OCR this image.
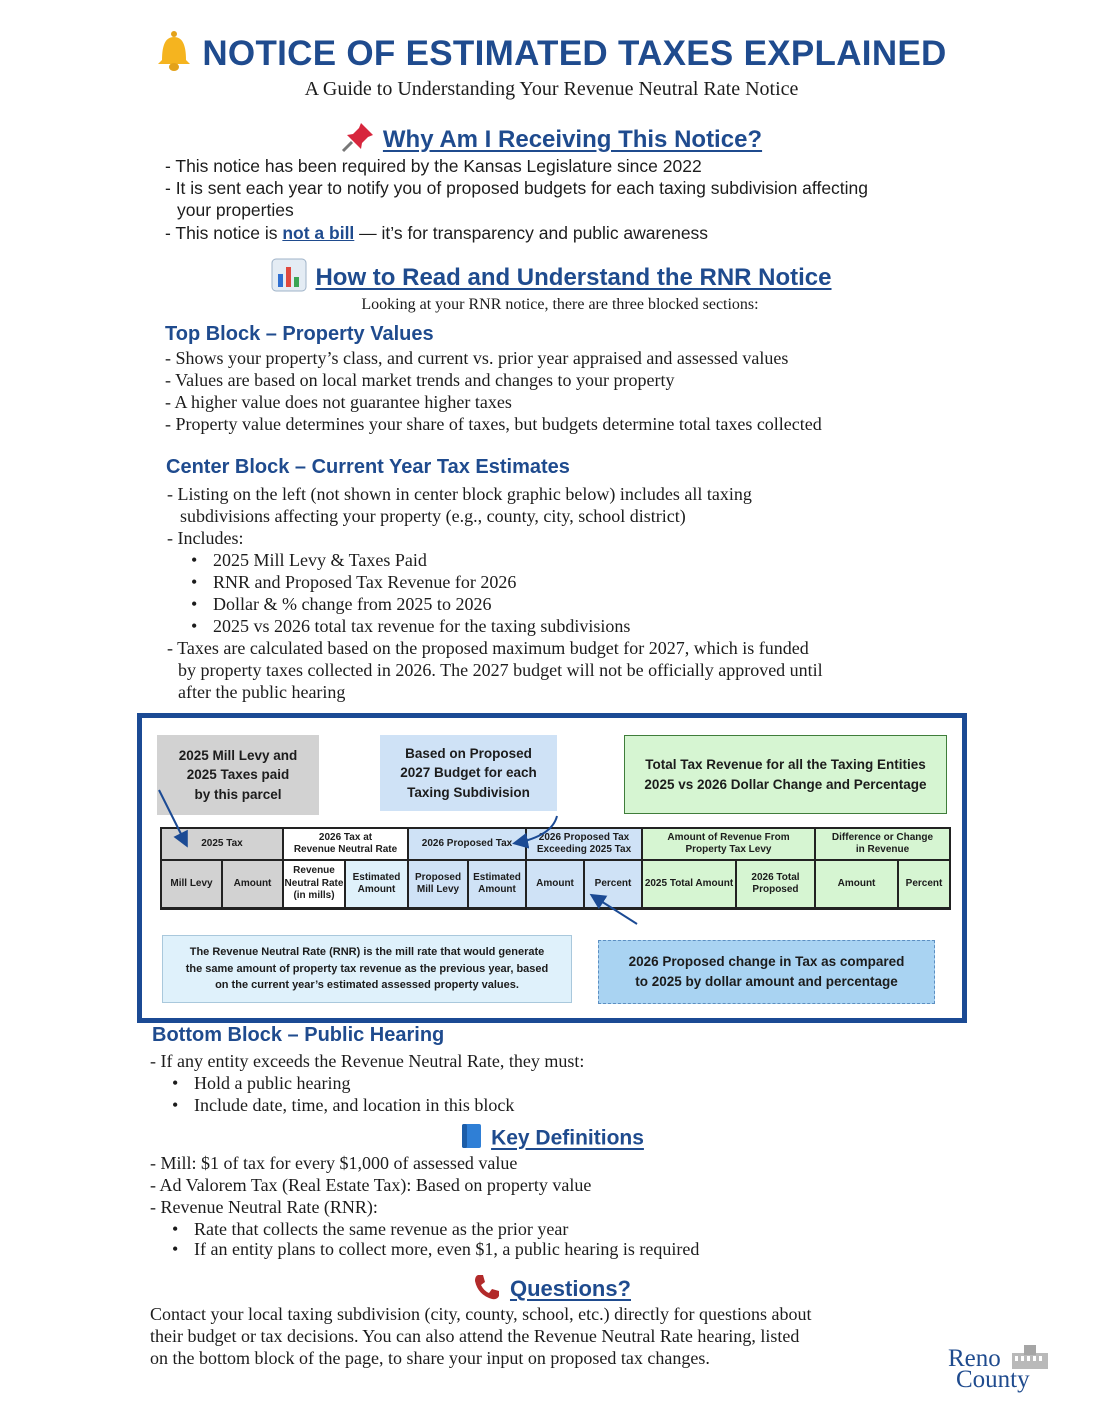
NOTICE OF ESTIMATED TAXES EXPLAINED
A Guide to Understanding Your Revenue Neutral Rate Notice
Why Am I Receiving This Notice?
- This notice has been required by the Kansas Legislature since 2022
- It is sent each year to notify you of proposed budgets for each taxing subdivision affecting
your properties
- This notice is not a bill — it’s for transparency and public awareness
How to Read and Understand the RNR Notice
Looking at your RNR notice, there are three blocked sections:
Top Block – Property Values
- Shows your property’s class, and current vs. prior year appraised and assessed values
- Values are based on local market trends and changes to your property
- A higher value does not guarantee higher taxes
- Property value determines your share of taxes, but budgets determine total taxes collected
Center Block – Current Year Tax Estimates
- Listing on the left (not shown in center block graphic below) includes all taxing
subdivisions affecting your property (e.g., county, city, school district)
- Includes:
• 2025 Mill Levy & Taxes Paid
• RNR and Proposed Tax Revenue for 2026
• Dollar & % change from 2025 to 2026
• 2025 vs 2026 total tax revenue for the taxing subdivisions
- Taxes are calculated based on the proposed maximum budget for 2027, which is funded
by property taxes collected in 2026. The 2027 budget will not be officially approved until
after the public hearing
2025 Mill Levy and
2025 Taxes paid
by this parcel
Based on Proposed
2027 Budget for each
Taxing Subdivision
Total Tax Revenue for all the Taxing Entities
2025 vs 2026 Dollar Change and Percentage
2025 Tax
2026 Tax at
Revenue Neutral Rate
2026 Proposed Tax
2026 Proposed Tax
Exceeding 2025 Tax
Amount of Revenue From
Property Tax Levy
Difference or Change
in Revenue
Mill Levy Amount
Revenue
Neutral Rate
(in mills)
Estimated
Amount
Proposed
Mill Levy
Estimated
Amount
Amount Percent 2025 Total Amount
2026 Total
Proposed
Amount	Percent
The Revenue Neutral Rate (RNR) is the mill rate that would generate
the same amount of property tax revenue as the previous year, based
on the current year’s estimated assessed property values.
2026 Proposed change in Tax as compared
to 2025 by dollar amount and percentage
Bottom Block – Public Hearing
- If any entity exceeds the Revenue Neutral Rate, they must:
• Hold a public hearing
• Include date, time, and location in this block
Key Definitions
- Mill: $1 of tax for every $1,000 of assessed value
- Ad Valorem Tax (Real Estate Tax): Based on property value
- Revenue Neutral Rate (RNR):
• Rate that collects the same revenue as the prior year
• If an entity plans to collect more, even $1, a public hearing is required
Questions?
Contact your local taxing subdivision (city, county, school, etc.) directly for questions about
their budget or tax decisions. You can also attend the Revenue Neutral Rate hearing, listed
on the bottom block of the page, to share your input on proposed tax changes.	Reno
County
